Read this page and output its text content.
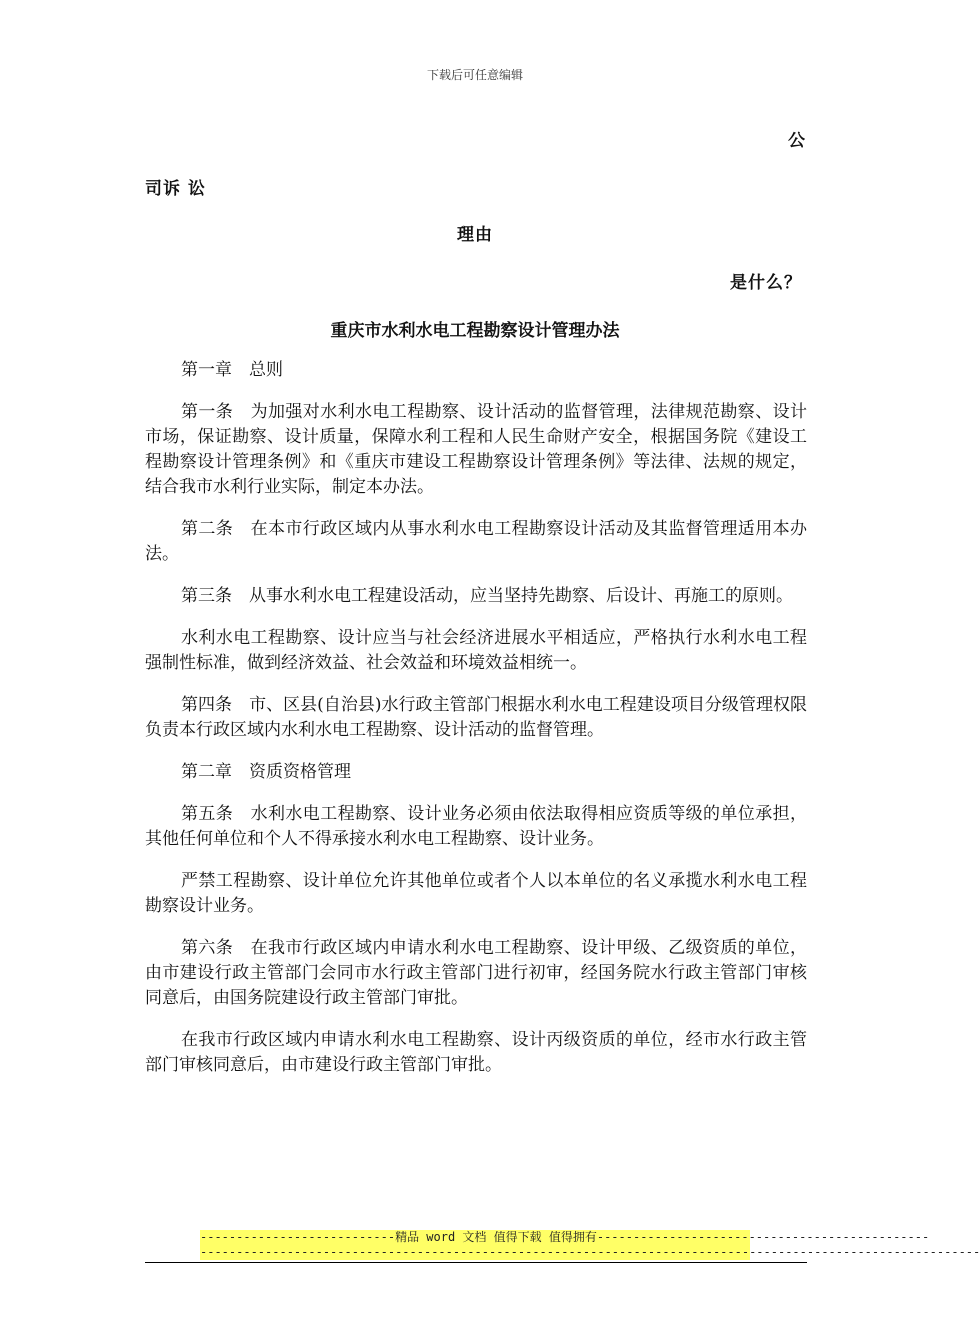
下载后可任意编辑
公
司诉 讼
理由
是什么？
重庆市水利水电工程勘察设计管理办法

第一章　总则

第一条　为加强对水利水电工程勘察、设计活动的监督管理，法律规范勘察、设计市场，保证勘察、设计质量，保障水利工程和人民生命财产安全，根据国务院《建设工程勘察设计管理条例》和《重庆市建设工程勘察设计管理条例》等法律、法规的规定，结合我市水利行业实际，制定本办法。

第二条　在本市行政区域内从事水利水电工程勘察设计活动及其监督管理适用本办法。

第三条　从事水利水电工程建设活动，应当坚持先勘察、后设计、再施工的原则。

水利水电工程勘察、设计应当与社会经济进展水平相适应，严格执行水利水电工程强制性标准，做到经济效益、社会效益和环境效益相统一。

第四条　市、区县(自治县)水行政主管部门根据水利水电工程建设项目分级管理权限负责本行政区域内水利水电工程勘察、设计活动的监督管理。

第二章　资质资格管理

第五条　水利水电工程勘察、设计业务必须由依法取得相应资质等级的单位承担，其他任何单位和个人不得承接水利水电工程勘察、设计业务。

严禁工程勘察、设计单位允许其他单位或者个人以本单位的名义承揽水利水电工程勘察设计业务。

第六条　在我市行政区域内申请水利水电工程勘察、设计甲级、乙级资质的单位，由市建设行政主管部门会同市水行政主管部门进行初审，经国务院水行政主管部门审核同意后，由国务院建设行政主管部门审批。

在我市行政区域内申请水利水电工程勘察、设计丙级资质的单位，经市水行政主管部门审核同意后，由市建设行政主管部门审批。

---------------------------精品 word 文档 值得下载 值得拥有----------------------------------------------
------------------------------------------------------------------------------------------------------------
